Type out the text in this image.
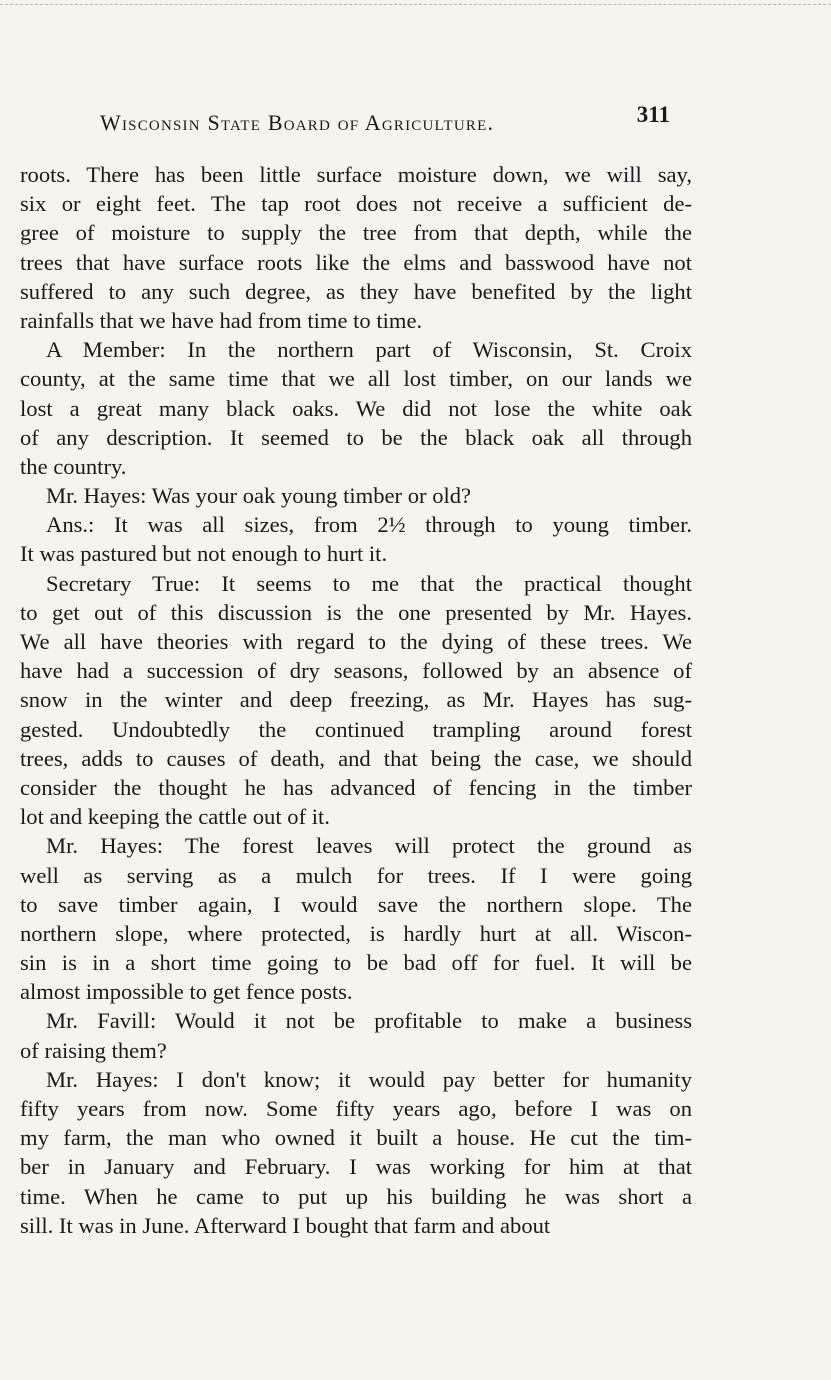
Wisconsin State Board of Agriculture.	311
roots. There has been little surface moisture down, we will say,
six or eight feet. The tap root does not receive a sufficient de-
gree of moisture to supply the tree from that depth, while the
trees that have surface roots like the elms and basswood have not
suffered to any such degree, as they have benefited by the light
rainfalls that we have had from time to time.
A Member: In the northern part of Wisconsin, St. Croix
county, at the same time that we all lost timber, on our lands we
lost a great many black oaks. We did not lose the white oak
of any description. It seemed to be the black oak all through
the country.
Mr. Hayes: Was your oak young timber or old?
Ans.: It was all sizes, from 2½ through to young timber.
It was pastured but not enough to hurt it.
Secretary True: It seems to me that the practical thought
to get out of this discussion is the one presented by Mr. Hayes.
We all have theories with regard to the dying of these trees. We
have had a succession of dry seasons, followed by an absence of
snow in the winter and deep freezing, as Mr. Hayes has sug-
gested. Undoubtedly the continued trampling around forest
trees, adds to causes of death, and that being the case, we should
consider the thought he has advanced of fencing in the timber
lot and keeping the cattle out of it.
Mr. Hayes: The forest leaves will protect the ground as
well as serving as a mulch for trees. If I were going
to save timber again, I would save the northern slope. The
northern slope, where protected, is hardly hurt at all. Wiscon-
sin is in a short time going to be bad off for fuel. It will be
almost impossible to get fence posts.
Mr. Favill: Would it not be profitable to make a business
of raising them?
Mr. Hayes: I don't know; it would pay better for humanity
fifty years from now. Some fifty years ago, before I was on
my farm, the man who owned it built a house. He cut the tim-
ber in January and February. I was working for him at that
time. When he came to put up his building he was short a
sill. It was in June. Afterward I bought that farm and about
